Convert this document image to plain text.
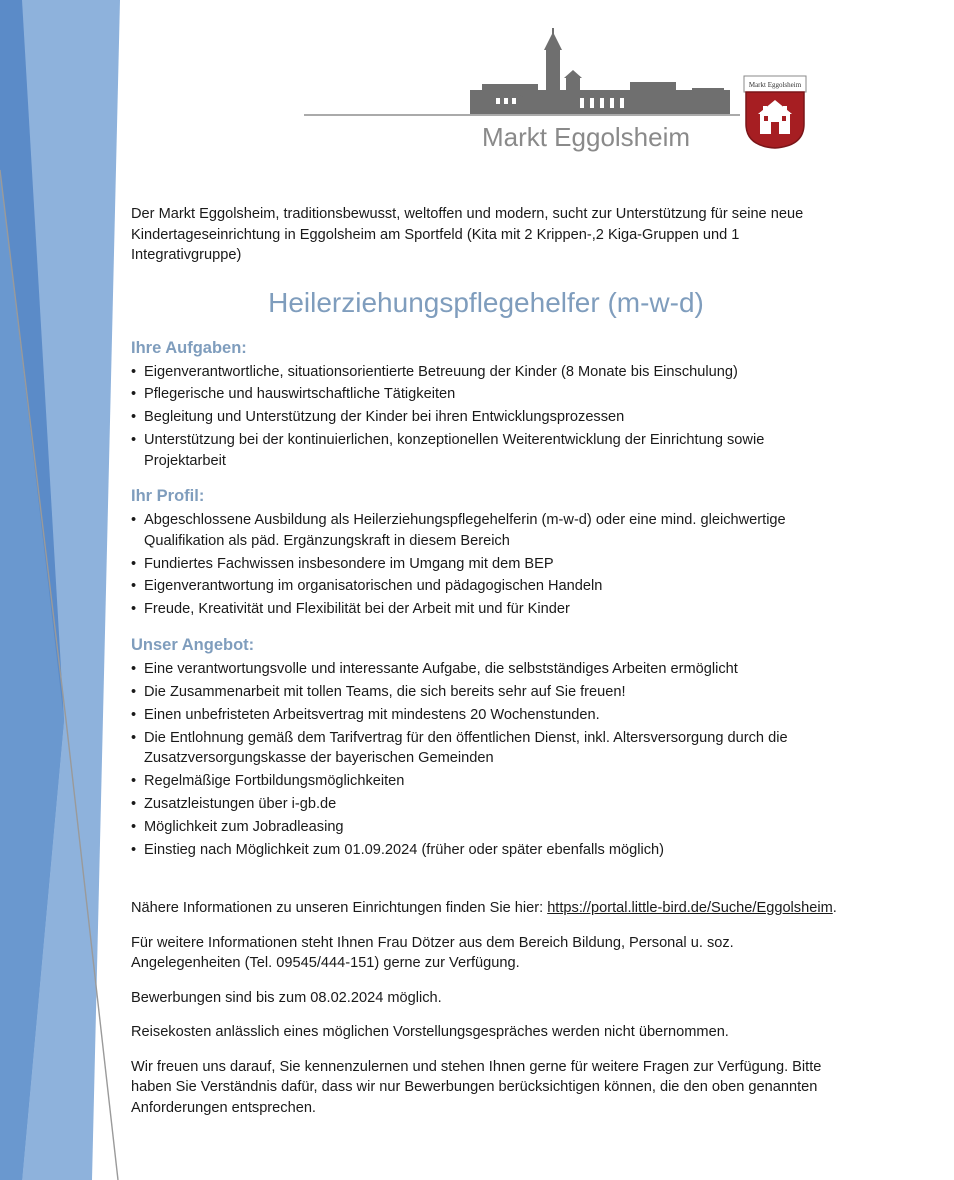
Markt Eggolsheim
Markt Eggolsheim

Der Markt Eggolsheim, traditionsbewusst, weltoffen und modern, sucht zur Unterstützung für seine neue Kindertageseinrichtung in Eggolsheim am Sportfeld (Kita mit 2 Krippen-,2 Kiga-Gruppen und 1 Integrativgruppe)

Heilerziehungspflegehelfer (m-w-d)
Ihre Aufgaben:
• Eigenverantwortliche, situationsorientierte Betreuung der Kinder (8 Monate bis Einschulung)
• Pflegerische und hauswirtschaftliche Tätigkeiten
• Begleitung und Unterstützung der Kinder bei ihren Entwicklungsprozessen
• Unterstützung bei der kontinuierlichen, konzeptionellen Weiterentwicklung der Einrichtung sowie Projektarbeit
Ihr Profil:
• Abgeschlossene Ausbildung als Heilerziehungspflegehelferin (m-w-d) oder eine mind. gleichwertige Qualifikation als päd. Ergänzungskraft in diesem Bereich
• Fundiertes Fachwissen insbesondere im Umgang mit dem BEP
• Eigenverantwortung im organisatorischen und pädagogischen Handeln
• Freude, Kreativität und Flexibilität bei der Arbeit mit und für Kinder
Unser Angebot:
• Eine verantwortungsvolle und interessante Aufgabe, die selbstständiges Arbeiten ermöglicht
• Die Zusammenarbeit mit tollen Teams, die sich bereits sehr auf Sie freuen!
• Einen unbefristeten Arbeitsvertrag mit mindestens 20 Wochenstunden.
• Die Entlohnung gemäß dem Tarifvertrag für den öffentlichen Dienst, inkl. Altersversorgung durch die Zusatzversorgungskasse der bayerischen Gemeinden
• Regelmäßige Fortbildungsmöglichkeiten
• Zusatzleistungen über i-gb.de
• Möglichkeit zum Jobradleasing
• Einstieg nach Möglichkeit zum 01.09.2024 (früher oder später ebenfalls möglich)

Nähere Informationen zu unseren Einrichtungen finden Sie hier: https://portal.little-bird.de/Suche/Eggolsheim.

Für weitere Informationen steht Ihnen Frau Dötzer aus dem Bereich Bildung, Personal u. soz. Angelegenheiten (Tel. 09545/444-151) gerne zur Verfügung.

Bewerbungen sind bis zum 08.02.2024 möglich.

Reisekosten anlässlich eines möglichen Vorstellungsgespräches werden nicht übernommen.

Wir freuen uns darauf, Sie kennenzulernen und stehen Ihnen gerne für weitere Fragen zur Verfügung. Bitte haben Sie Verständnis dafür, dass wir nur Bewerbungen berücksichtigen können, die den oben genannten Anforderungen entsprechen.
